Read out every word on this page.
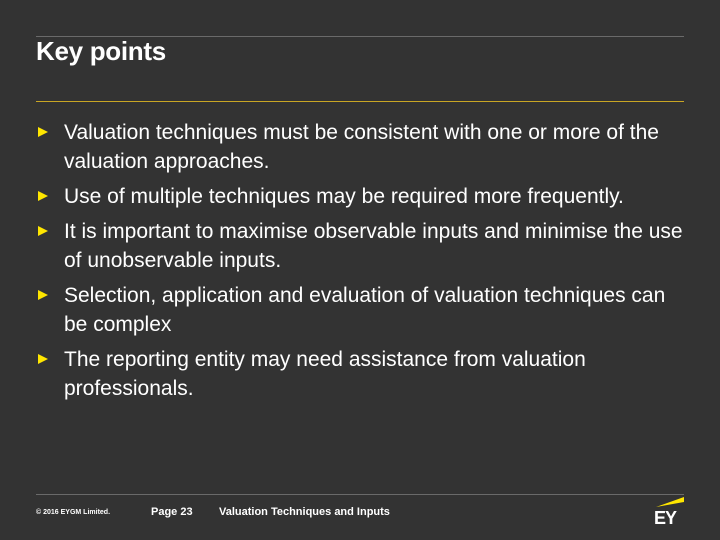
Key points
Valuation techniques must be consistent with one or more of the valuation approaches.
Use of multiple techniques may be required more frequently.
It is important to maximise observable inputs and minimise the use of unobservable inputs.
Selection, application and evaluation of valuation techniques can be complex
The reporting entity may need assistance from valuation professionals.
© 2016 EYGM Limited.	Page 23 Valuation Techniques and Inputs	EY
